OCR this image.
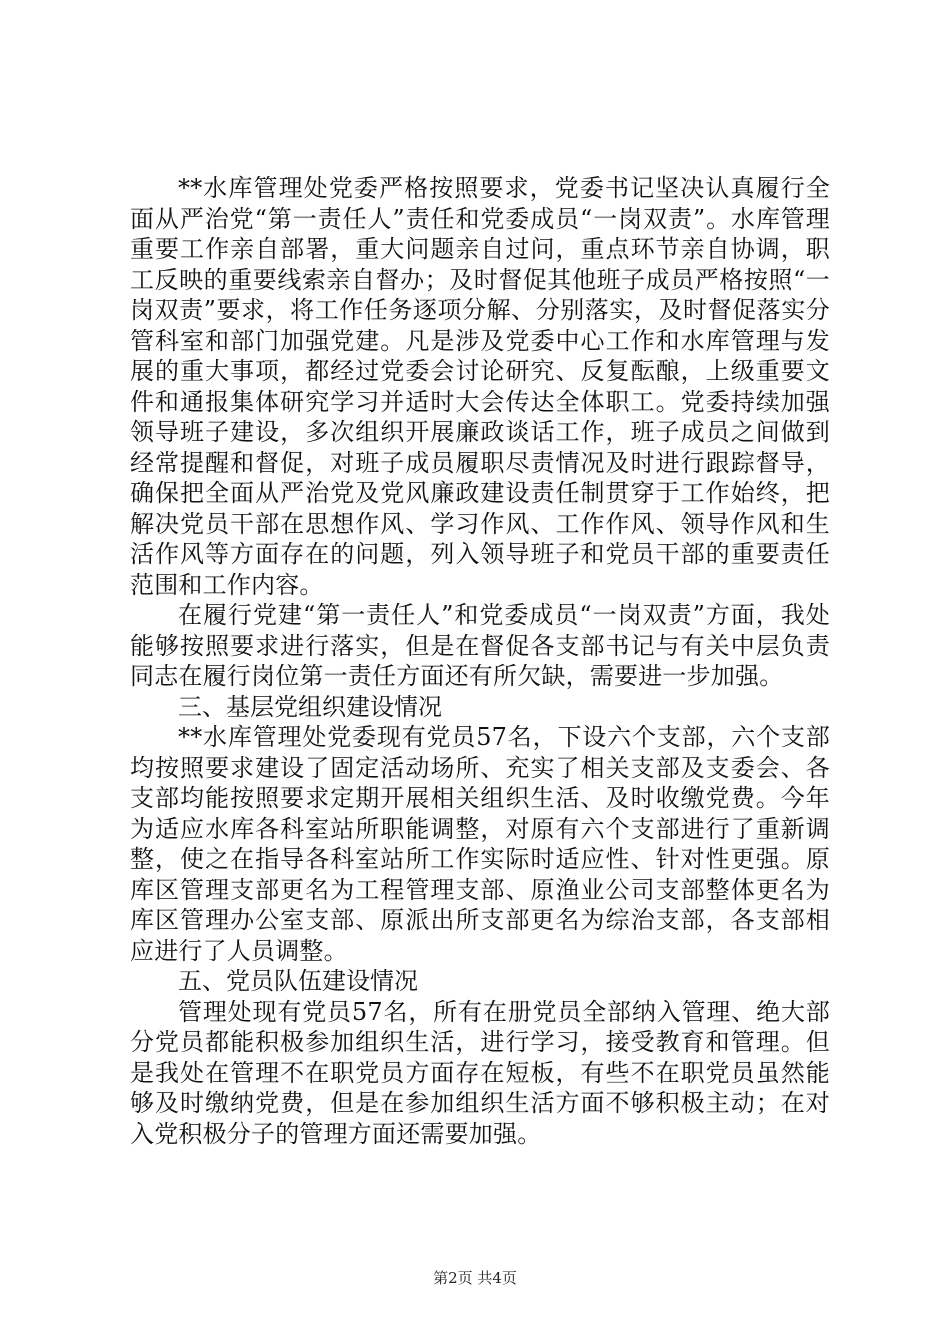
**水库管理处党委严格按照要求，党委书记坚决认真履行全面从严治党“第一责任人”责任和党委成员“一岗双责”。水库管理重要工作亲自部署，重大问题亲自过问，重点环节亲自协调，职工反映的重要线索亲自督办；及时督促其他班子成员严格按照“一岗双责”要求，将工作任务逐项分解、分别落实，及时督促落实分管科室和部门加强党建。凡是涉及党委中心工作和水库管理与发展的重大事项，都经过党委会讨论研究、反复酝酿，上级重要文件和通报集体研究学习并适时大会传达全体职工。党委持续加强领导班子建设，多次组织开展廉政谈话工作，班子成员之间做到经常提醒和督促，对班子成员履职尽责情况及时进行跟踪督导，确保把全面从严治党及党风廉政建设责任制贯穿于工作始终，把解决党员干部在思想作风、学习作风、工作作风、领导作风和生活作风等方面存在的问题，列入领导班子和党员干部的重要责任范围和工作内容。

在履行党建“第一责任人”和党委成员“一岗双责”方面，我处能够按照要求进行落实，但是在督促各支部书记与有关中层负责同志在履行岗位第一责任方面还有所欠缺，需要进一步加强。

三、基层党组织建设情况

**水库管理处党委现有党员57名，下设六个支部，六个支部均按照要求建设了固定活动场所、充实了相关支部及支委会、各支部均能按照要求定期开展相关组织生活、及时收缴党费。今年为适应水库各科室站所职能调整，对原有六个支部进行了重新调整，使之在指导各科室站所工作实际时适应性、针对性更强。原库区管理支部更名为工程管理支部、原渔业公司支部整体更名为库区管理办公室支部、原派出所支部更名为综治支部，各支部相应进行了人员调整。

五、党员队伍建设情况

管理处现有党员57名，所有在册党员全部纳入管理、绝大部分党员都能积极参加组织生活，进行学习，接受教育和管理。但是我处在管理不在职党员方面存在短板，有些不在职党员虽然能够及时缴纳党费，但是在参加组织生活方面不够积极主动；在对入党积极分子的管理方面还需要加强。

第2页 共4页
